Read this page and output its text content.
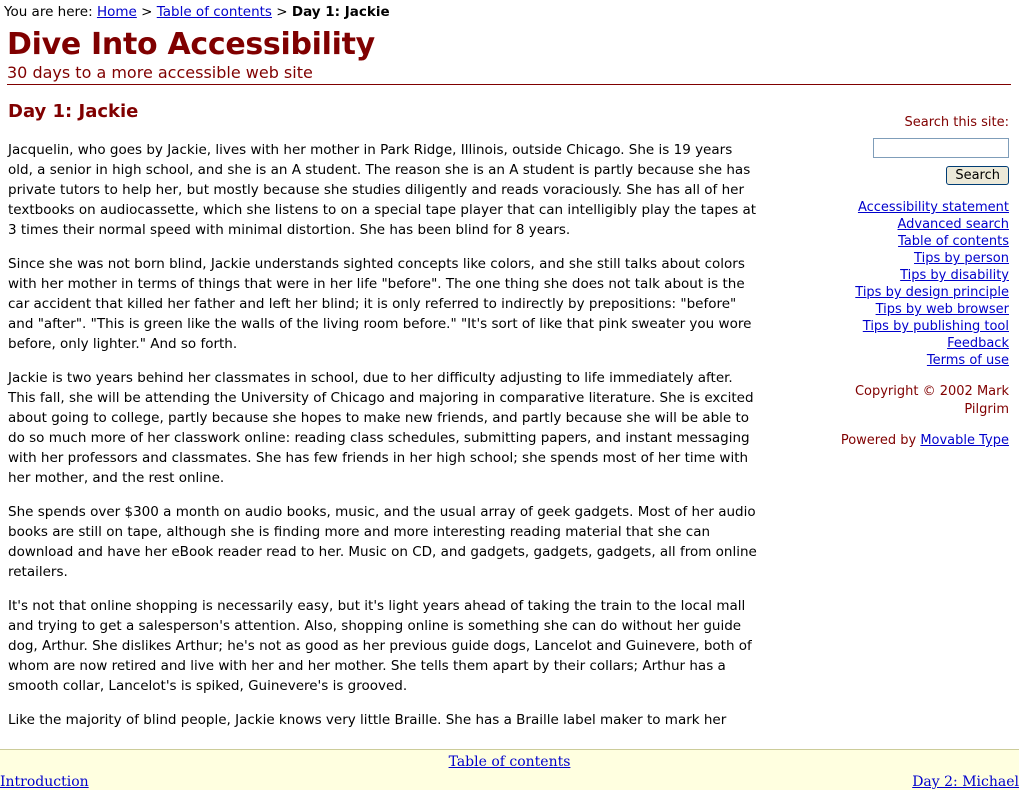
You are here: Home > Table of contents > Day 1: Jackie
Dive Into Accessibility
30 days to a more accessible web site
Day 1: Jackie

Jacquelin, who goes by Jackie, lives with her mother in Park Ridge, Illinois, outside Chicago. She is 19 years old, a senior in high school, and she is an A student. The reason she is an A student is partly because she has private tutors to help her, but mostly because she studies diligently and reads voraciously. She has all of her textbooks on audiocassette, which she listens to on a special tape player that can intelligibly play the tapes at 3 times their normal speed with minimal distortion. She has been blind for 8 years.

Since she was not born blind, Jackie understands sighted concepts like colors, and she still talks about colors with her mother in terms of things that were in her life "before". The one thing she does not talk about is the car accident that killed her father and left her blind; it is only referred to indirectly by prepositions: "before" and "after". "This is green like the walls of the living room before." "It's sort of like that pink sweater you wore before, only lighter." And so forth.

Jackie is two years behind her classmates in school, due to her difficulty adjusting to life immediately after. This fall, she will be attending the University of Chicago and majoring in comparative literature. She is excited about going to college, partly because she hopes to make new friends, and partly because she will be able to do so much more of her classwork online: reading class schedules, submitting papers, and instant messaging with her professors and classmates. She has few friends in her high school; she spends most of her time with her mother, and the rest online.

She spends over $300 a month on audio books, music, and the usual array of geek gadgets. Most of her audio books are still on tape, although she is finding more and more interesting reading material that she can download and have her eBook reader read to her. Music on CD, and gadgets, gadgets, gadgets, all from online retailers.

It's not that online shopping is necessarily easy, but it's light years ahead of taking the train to the local mall and trying to get a salesperson's attention. Also, shopping online is something she can do without her guide dog, Arthur. She dislikes Arthur; he's not as good as her previous guide dogs, Lancelot and Guinevere, both of whom are now retired and live with her and her mother. She tells them apart by their collars; Arthur has a smooth collar, Lancelot's is spiked, Guinevere's is grooved.

Like the majority of blind people, Jackie knows very little Braille. She has a Braille label maker to mark her

Search this site:
Search
Accessibility statement
Advanced search
Table of contents
Tips by person
Tips by disability
Tips by design principle
Tips by web browser
Tips by publishing tool
Feedback
Terms of use
Copyright © 2002 Mark Pilgrim
Powered by Movable Type
Table of contents
Introduction	Day 2: Michael
